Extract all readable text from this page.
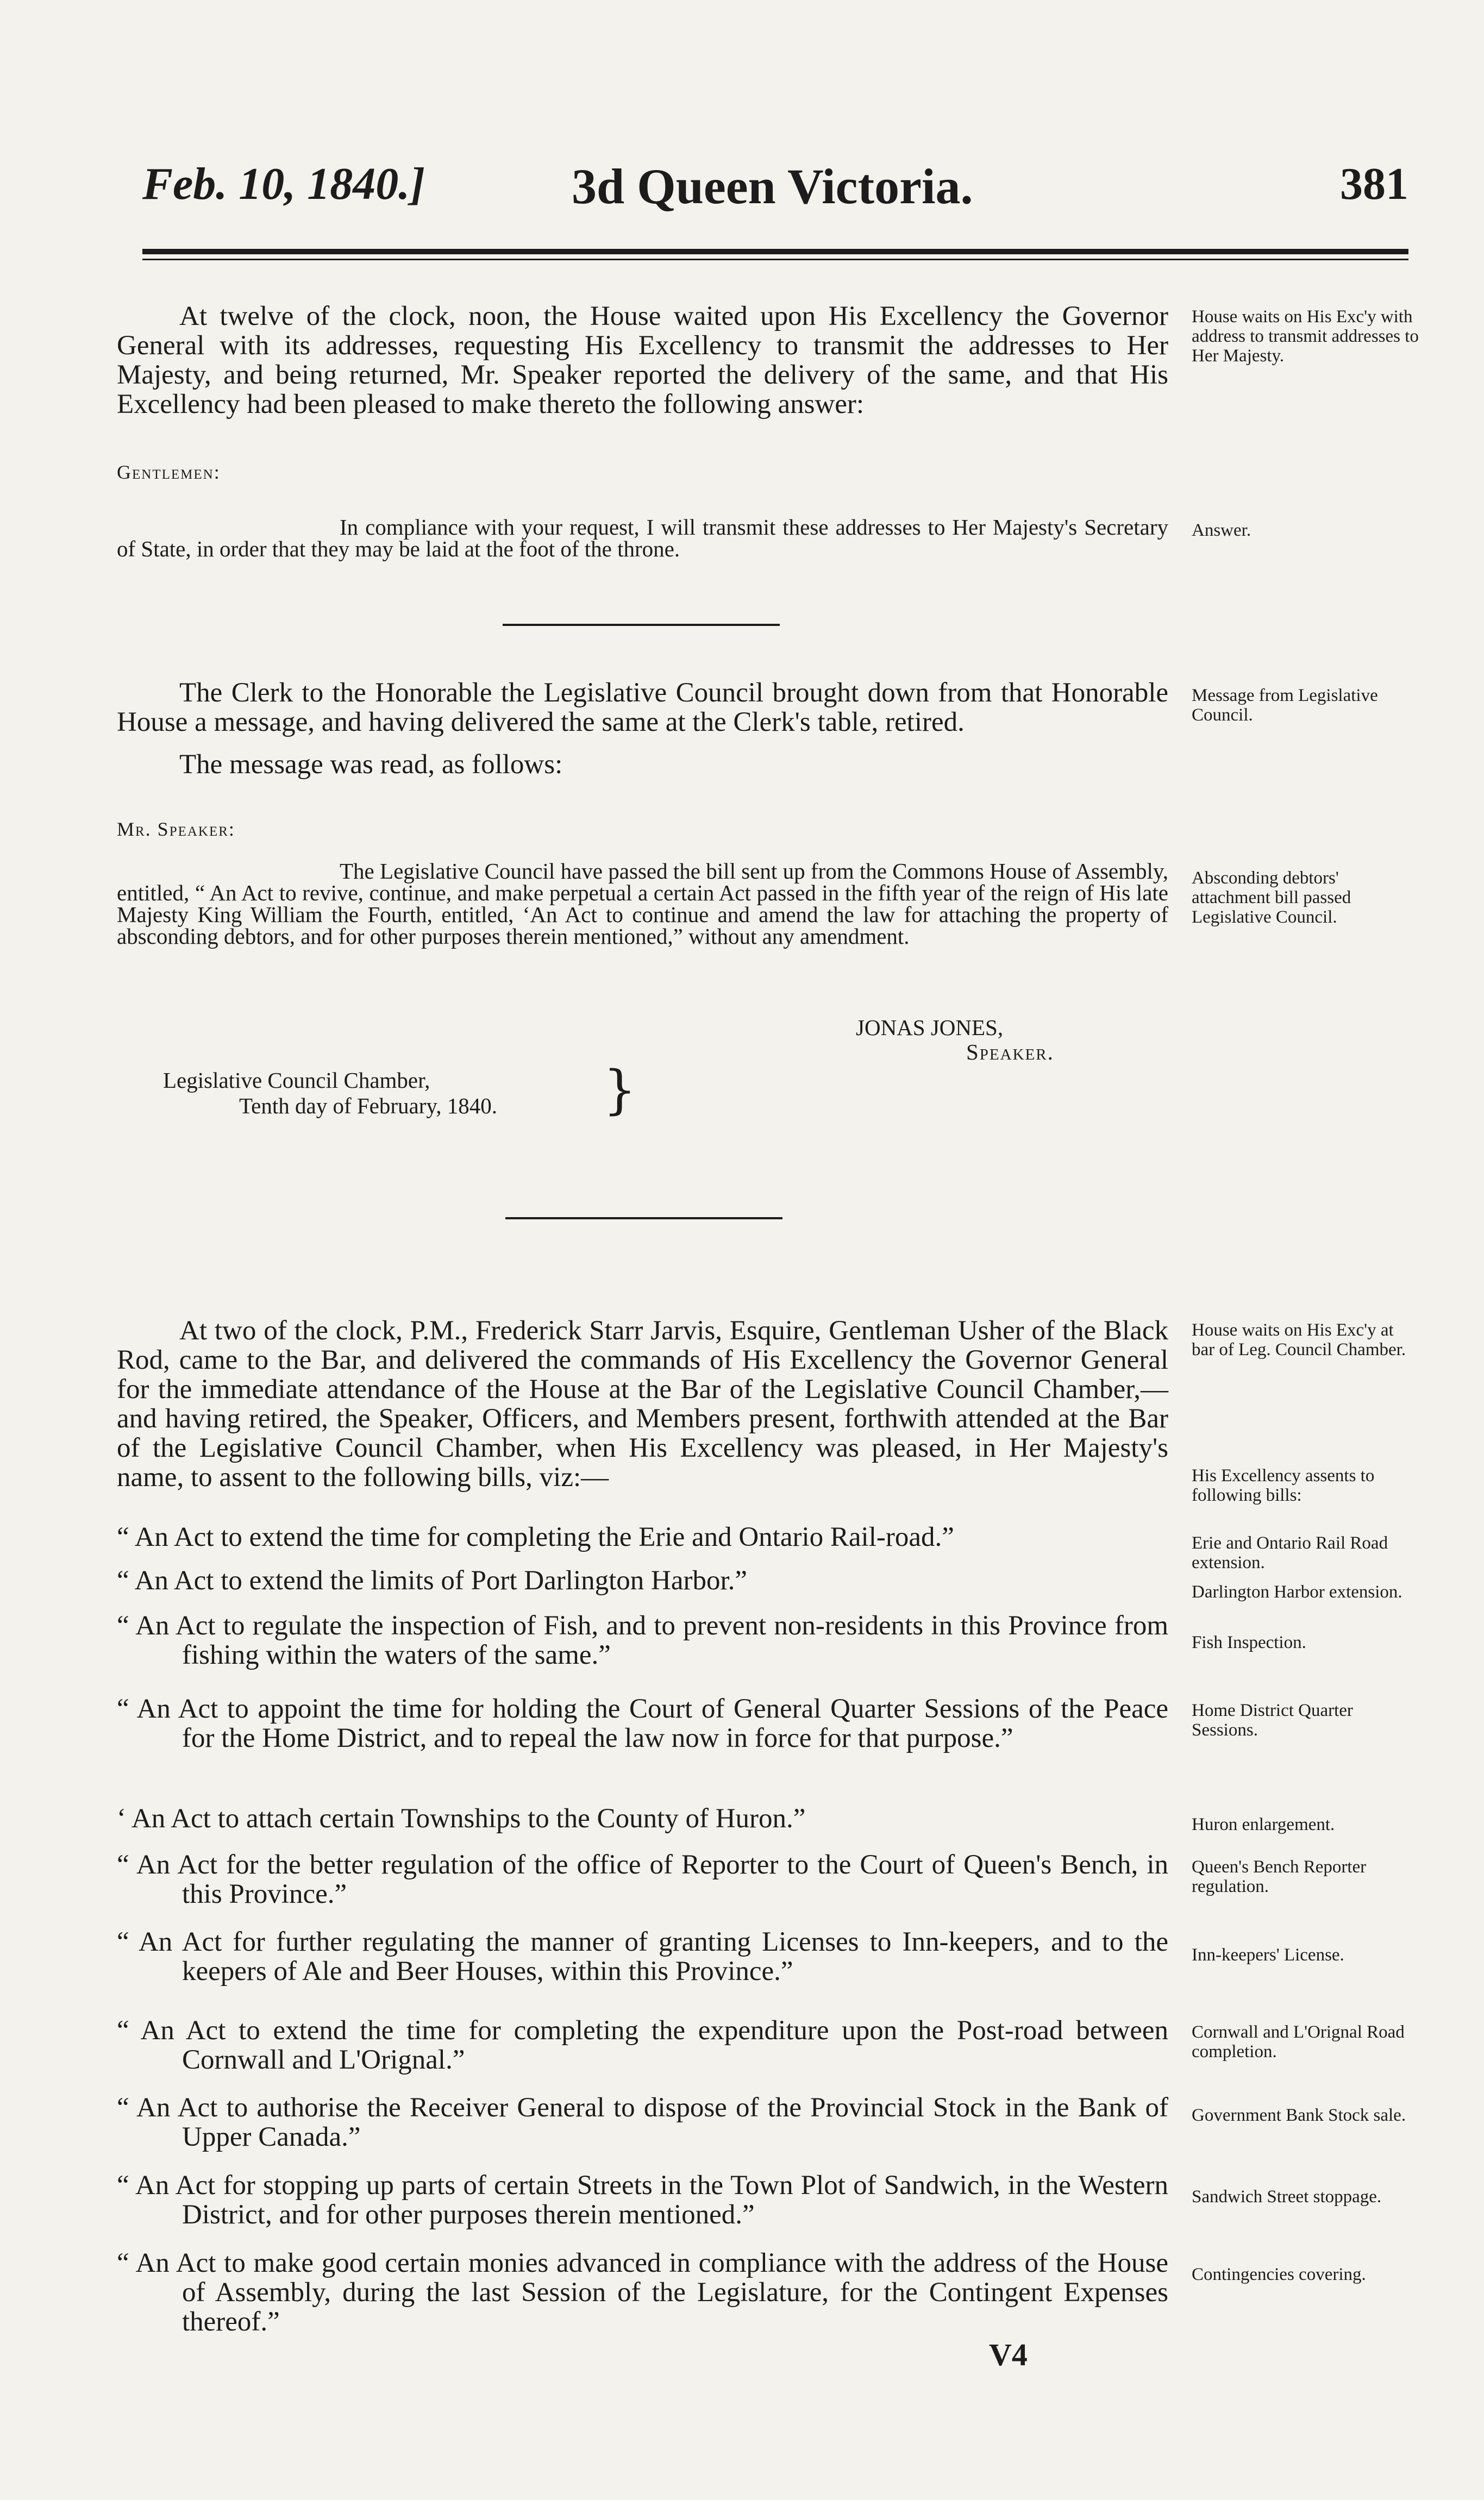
Feb. 10, 1840.]	3d Queen Victoria.	381

At twelve of the clock, noon, the House waited upon His Excellency the Governor General with its addresses, requesting His Excellency to transmit the addresses to Her Majesty, and being returned, Mr. Speaker reported the delivery of the same, and that His Excellency had been pleased to make thereto the following answer:

House waits on His Exc'y with address to transmit addresses to Her Majesty.
Gentlemen:

In compliance with your request, I will transmit these addresses to Her Majesty's Secretary of State, in order that they may be laid at the foot of the throne.

Answer.

The Clerk to the Honorable the Legislative Council brought down from that Honorable House a message, and having delivered the same at the Clerk's table, retired.

Message from Legislative Council.

The message was read, as follows:

Mr. Speaker:

The Legislative Council have passed the bill sent up from the Commons House of Assembly, entitled, “ An Act to revive, continue, and make perpetual a certain Act passed in the fifth year of the reign of His late Majesty King William the Fourth, entitled, ‘An Act to continue and amend the law for attaching the property of absconding debtors, and for other purposes therein mentioned,” without any amendment.

Absconding debtors' attachment bill passed Legislative Council.
JONAS JONES,
Speaker.
Legislative Council Chamber,
Tenth day of February, 1840. }

At two of the clock, P.M., Frederick Starr Jarvis, Esquire, Gentleman Usher of the Black Rod, came to the Bar, and delivered the commands of His Excellency the Governor General for the immediate attendance of the House at the Bar of the Legislative Council Chamber,—and having retired, the Speaker, Officers, and Members present, forthwith attended at the Bar of the Legislative Council Chamber, when His Excellency was pleased, in Her Majesty's name, to assent to the following bills, viz:—

House waits on His Exc'y at bar of Leg. Council Chamber.
His Excellency assents to following bills:

“ An Act to extend the time for completing the Erie and Ontario Rail-road.”	Erie and Ontario Rail Road extension.

“ An Act to extend the limits of Port Darlington Harbor.”	Darlington Harbor extension.

“ An Act to regulate the inspection of Fish, and to prevent non-residents in this Province from fishing within the waters of the same.”	Fish Inspection.

“ An Act to appoint the time for holding the Court of General Quarter Sessions of the Peace for the Home District, and to repeal the law now in force for that purpose.”

Home District Quarter Sessions.

‘ An Act to attach certain Townships to the County of Huron.”	Huron enlargement.

“ An Act for the better regulation of the office of Reporter to the Court of Queen's Bench, in this Province.”

Queen's Bench Reporter regulation.

“ An Act for further regulating the manner of granting Licenses to Inn-keepers, and to the keepers of Ale and Beer Houses, within this Province.”

Inn-keepers' License.

“ An Act to extend the time for completing the expenditure upon the Post-road between Cornwall and L'Orignal.”

Cornwall and L'Orignal Road completion.

“ An Act to authorise the Receiver General to dispose of the Provincial Stock in the Bank of Upper Canada.”

Government Bank Stock sale.

“ An Act for stopping up parts of certain Streets in the Town Plot of Sandwich, in the Western District, and for other purposes therein mentioned.”

Sandwich Street stoppage.

“ An Act to make good certain monies advanced in compliance with the address of the House of Assembly, during the last Session of the Legislature, for the Contingent Expenses thereof.”

Contingencies covering.
V4
